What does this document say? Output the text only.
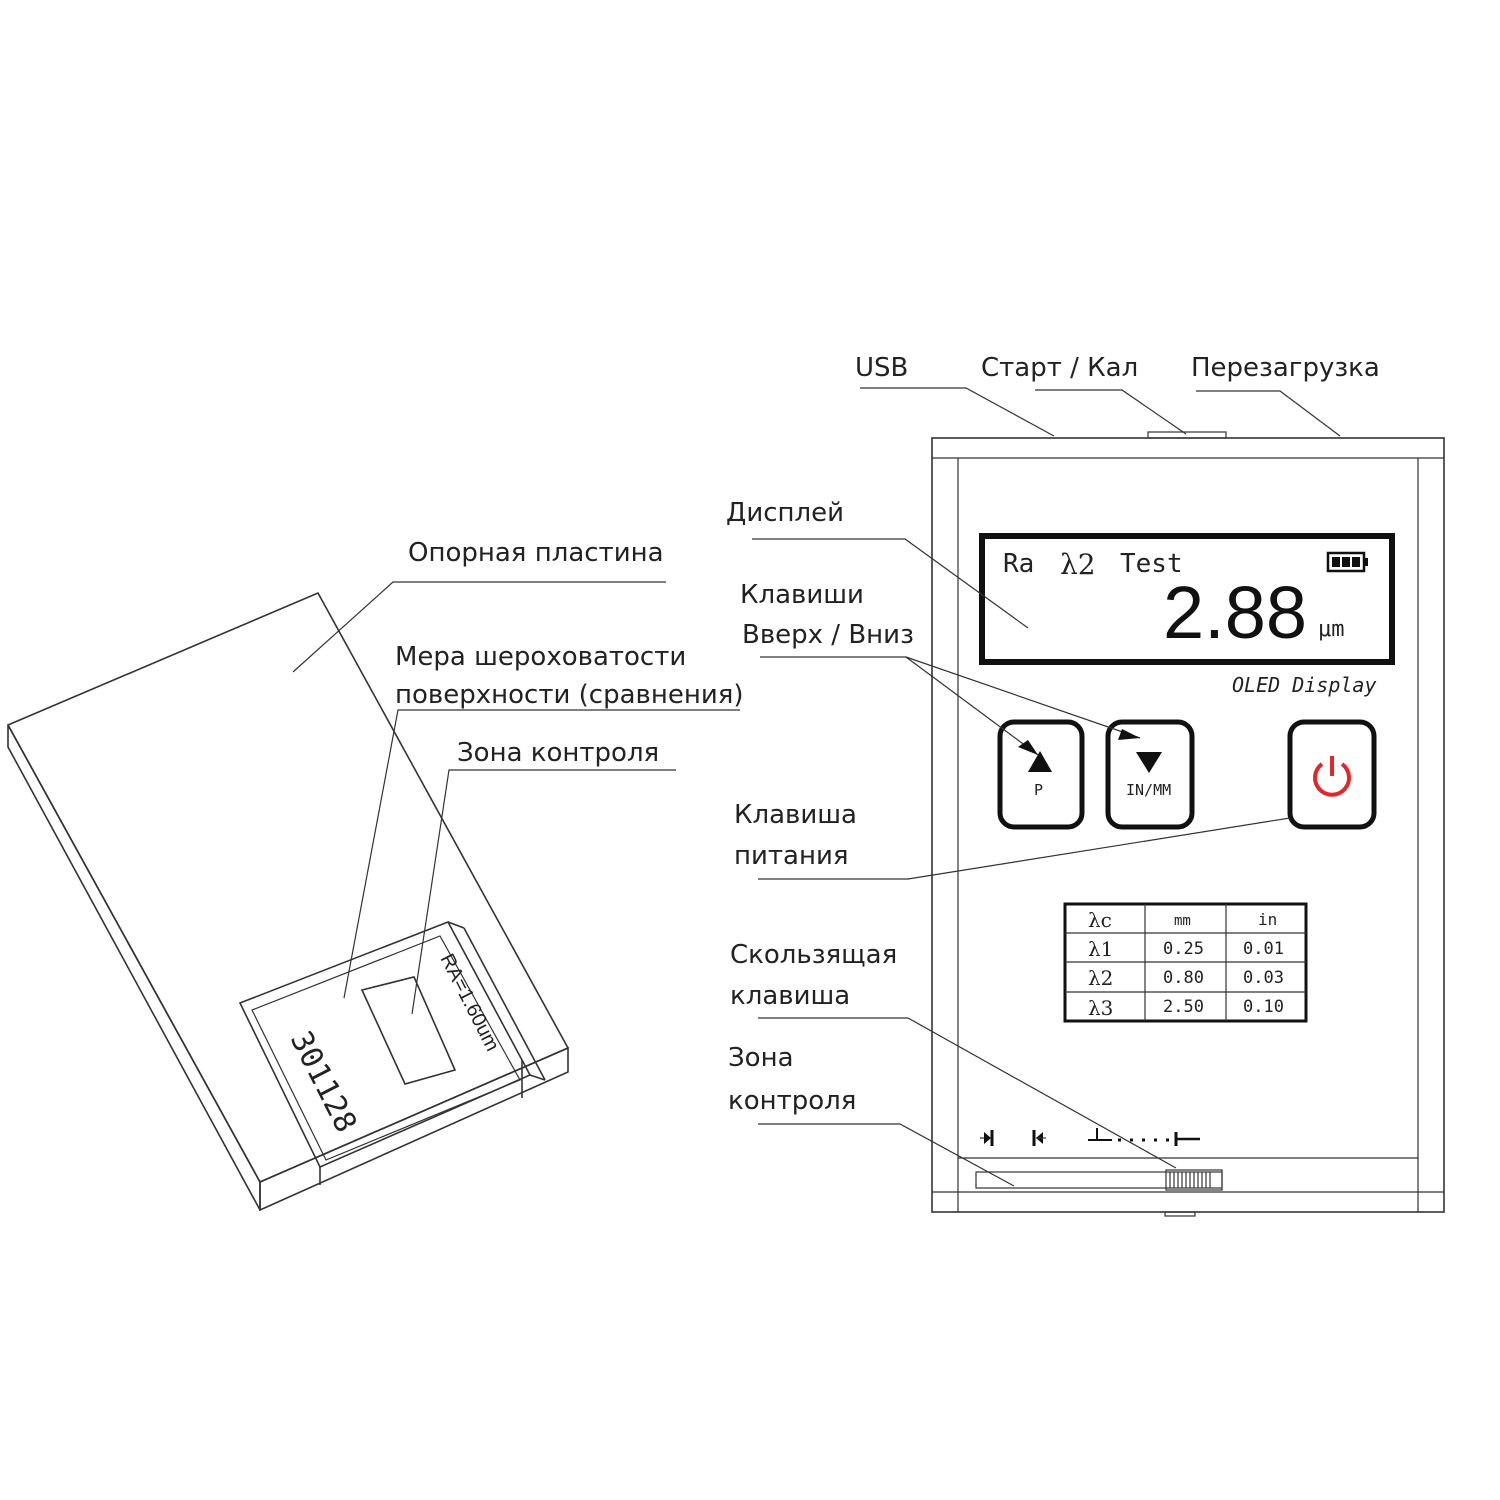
301128
RA=1.60um
Опорная пластина
Мера шероховатости
поверхности (сравнения)
Зона контроля
Ra λ2 Test
2.88 μm
OLED Display
P	IN/MM
λc	mm	in
λ1	0.25 0.01
λ2	0.80 0.03
λ3	2.50 0.10
USB	Старт / Кал Перезагрузка
Дисплей
Клавиши
Вверх / Вниз
Клавиша
питания
Скользящая
клавиша
Зона
контроля
